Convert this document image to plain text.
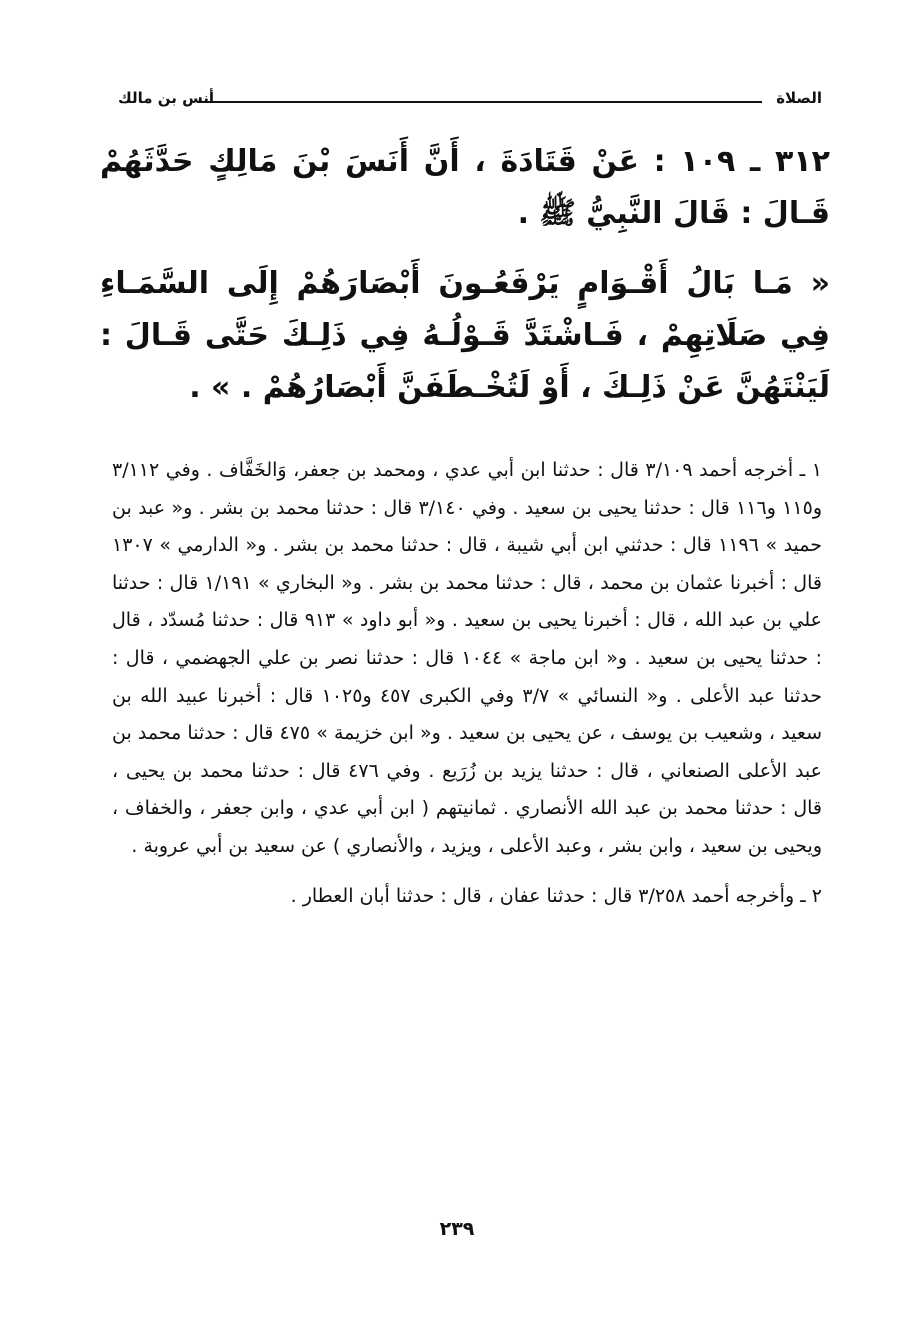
الصلاة
أنس بن مالك

٣١٢ ـ ١٠٩ : عَنْ قَتَادَةَ ، أَنَّ أَنَسَ بْنَ مَالِكٍ حَدَّثَهُمْ قَـالَ : قَالَ النَّبِيُّ ﷺ .

« مَـا بَالُ أَقْـوَامٍ يَرْفَعُـونَ أَبْصَارَهُمْ إِلَى السَّمَـاءِ فِي صَلَاتِهِمْ ، فَـاشْتَدَّ قَـوْلُـهُ فِي ذَلِـكَ حَتَّى قَـالَ : لَيَنْتَهُنَّ عَنْ ذَلِـكَ ، أَوْ لَتُخْـطَفَنَّ أَبْصَارُهُمْ . » .

١ ـ أخرجه أحمد ٣/١٠٩ قال : حدثنا ابن أبي عدي ، ومحمد بن جعفر، وَالخَفَّاف . وفي ٣/١١٢ و١١٥ و١١٦ قال : حدثنا يحيى بن سعيد . وفي ٣/١٤٠ قال : حدثنا محمد بن بشر . و« عبد بن حميد » ١١٩٦ قال : حدثني ابن أبي شيبة ، قال : حدثنا محمد بن بشر . و« الدارمي » ١٣٠٧ قال : أخبرنا عثمان بن محمد ، قال : حدثنا محمد بن بشر . و« البخاري » ١/١٩١ قال : حدثنا علي بن عبد الله ، قال : أخبرنا يحيى بن سعيد . و« أبو داود » ٩١٣ قال : حدثنا مُسدّد ، قال : حدثنا يحيى بن سعيد . و« ابن ماجة » ١٠٤٤ قال : حدثنا نصر بن علي الجهضمي ، قال : حدثنا عبد الأعلى . و« النسائي » ٣/٧ وفي الكبرى ٤٥٧ و١٠٢٥ قال : أخبرنا عبيد الله بن سعيد ، وشعيب بن يوسف ، عن يحيى بن سعيد . و« ابن خزيمة » ٤٧٥ قال : حدثنا محمد بن عبد الأعلى الصنعاني ، قال : حدثنا يزيد بن زُرَيع . وفي ٤٧٦ قال : حدثنا محمد بن يحيى ، قال : حدثنا محمد بن عبد الله الأنصاري . ثمانيتهم ( ابن أبي عدي ، وابن جعفر ، والخفاف ، ويحيى بن سعيد ، وابن بشر ، وعبد الأعلى ، ويزيد ، والأنصاري ) عن سعيد بن أبي عروبة .

٢ ـ وأخرجه أحمد ٣/٢٥٨ قال : حدثنا عفان ، قال : حدثنا أبان العطار .

٢٣٩
